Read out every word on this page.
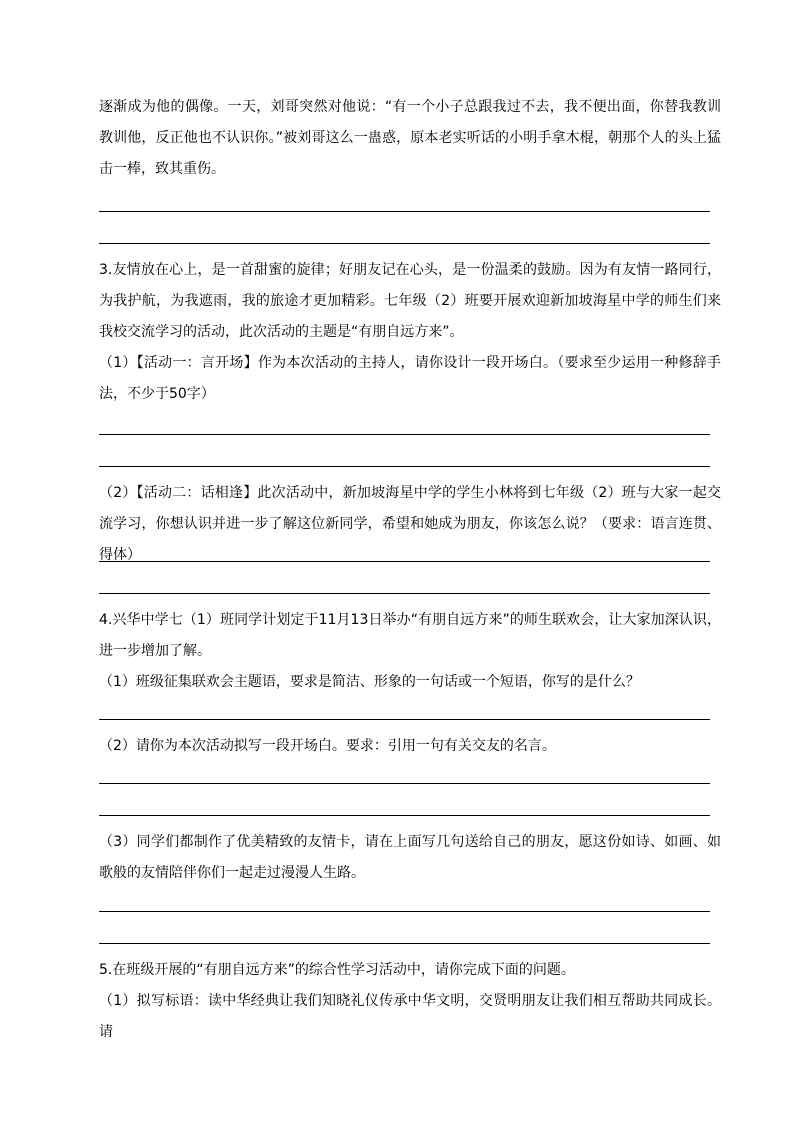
逐渐成为他的偶像。一天，刘哥突然对他说：“有一个小子总跟我过不去，我不便出面，你替我教训教训他，反正他也不认识你。”被刘哥这么一蛊惑，原本老实听话的小明手拿木棍，朝那个人的头上猛击一棒，致其重伤。

3.友情放在心上，是一首甜蜜的旋律；好朋友记在心头，是一份温柔的鼓励。因为有友情一路同行，为我护航，为我遮雨，我的旅途才更加精彩。七年级（2）班要开展欢迎新加坡海星中学的师生们来我校交流学习的活动，此次活动的主题是“有朋自远方来”。

（1）【活动一：言开场】作为本次活动的主持人，请你设计一段开场白。（要求至少运用一种修辞手法，不少于50字）

（2）【活动二：话相逢】此次活动中，新加坡海星中学的学生小林将到七年级（2）班与大家一起交流学习，你想认识并进一步了解这位新同学，希望和她成为朋友，你该怎么说？（要求：语言连贯、得体）

4.兴华中学七（1）班同学计划定于11月13日举办“有朋自远方来”的师生联欢会，让大家加深认识，进一步增加了解。

（1）班级征集联欢会主题语，要求是简洁、形象的一句话或一个短语，你写的是什么？

（2）请你为本次活动拟写一段开场白。要求：引用一句有关交友的名言。

（3）同学们都制作了优美精致的友情卡，请在上面写几句送给自己的朋友，愿这份如诗、如画、如歌般的友情陪伴你们一起走过漫漫人生路。

5.在班级开展的“有朋自远方来”的综合性学习活动中，请你完成下面的问题。

（1）拟写标语：读中华经典让我们知晓礼仪传承中华文明，交贤明朋友让我们相互帮助共同成长。请
